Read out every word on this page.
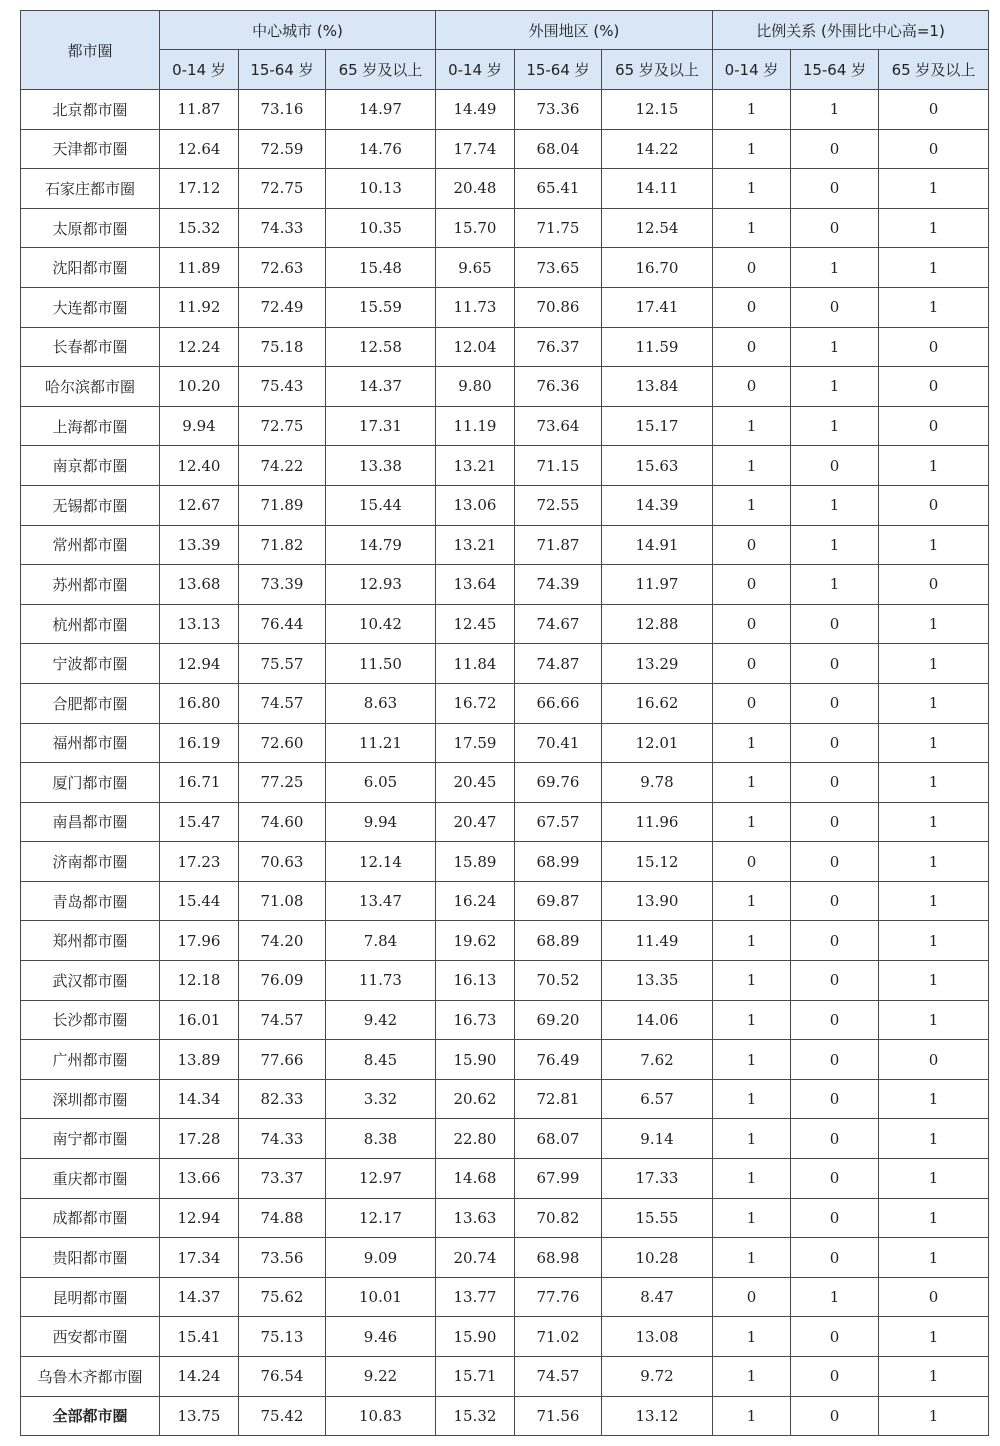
都市圈	中心城市 (%)			外围地区 (%)			比例关系 (外围比中心高=1)		
	0-14 岁	15-64 岁	65 岁及以上	0-14 岁	15-64 岁	65 岁及以上	0-14 岁	15-64 岁	65 岁及以上
北京都市圈	11.87	73.16	14.97	14.49	73.36	12.15	1	1	0
天津都市圈	12.64	72.59	14.76	17.74	68.04	14.22	1	0	0
石家庄都市圈	17.12	72.75	10.13	20.48	65.41	14.11	1	0	1
太原都市圈	15.32	74.33	10.35	15.70	71.75	12.54	1	0	1
沈阳都市圈	11.89	72.63	15.48	9.65	73.65	16.70	0	1	1
大连都市圈	11.92	72.49	15.59	11.73	70.86	17.41	0	0	1
长春都市圈	12.24	75.18	12.58	12.04	76.37	11.59	0	1	0
哈尔滨都市圈	10.20	75.43	14.37	9.80	76.36	13.84	0	1	0
上海都市圈	9.94	72.75	17.31	11.19	73.64	15.17	1	1	0
南京都市圈	12.40	74.22	13.38	13.21	71.15	15.63	1	0	1
无锡都市圈	12.67	71.89	15.44	13.06	72.55	14.39	1	1	0
常州都市圈	13.39	71.82	14.79	13.21	71.87	14.91	0	1	1
苏州都市圈	13.68	73.39	12.93	13.64	74.39	11.97	0	1	0
杭州都市圈	13.13	76.44	10.42	12.45	74.67	12.88	0	0	1
宁波都市圈	12.94	75.57	11.50	11.84	74.87	13.29	0	0	1
合肥都市圈	16.80	74.57	8.63	16.72	66.66	16.62	0	0	1
福州都市圈	16.19	72.60	11.21	17.59	70.41	12.01	1	0	1
厦门都市圈	16.71	77.25	6.05	20.45	69.76	9.78	1	0	1
南昌都市圈	15.47	74.60	9.94	20.47	67.57	11.96	1	0	1
济南都市圈	17.23	70.63	12.14	15.89	68.99	15.12	0	0	1
青岛都市圈	15.44	71.08	13.47	16.24	69.87	13.90	1	0	1
郑州都市圈	17.96	74.20	7.84	19.62	68.89	11.49	1	0	1
武汉都市圈	12.18	76.09	11.73	16.13	70.52	13.35	1	0	1
长沙都市圈	16.01	74.57	9.42	16.73	69.20	14.06	1	0	1
广州都市圈	13.89	77.66	8.45	15.90	76.49	7.62	1	0	0
深圳都市圈	14.34	82.33	3.32	20.62	72.81	6.57	1	0	1
南宁都市圈	17.28	74.33	8.38	22.80	68.07	9.14	1	0	1
重庆都市圈	13.66	73.37	12.97	14.68	67.99	17.33	1	0	1
成都都市圈	12.94	74.88	12.17	13.63	70.82	15.55	1	0	1
贵阳都市圈	17.34	73.56	9.09	20.74	68.98	10.28	1	0	1
昆明都市圈	14.37	75.62	10.01	13.77	77.76	8.47	0	1	0
西安都市圈	15.41	75.13	9.46	15.90	71.02	13.08	1	0	1
乌鲁木齐都市圈	14.24	76.54	9.22	15.71	74.57	9.72	1	0	1
全部都市圈	13.75	75.42	10.83	15.32	71.56	13.12	1	0	1
